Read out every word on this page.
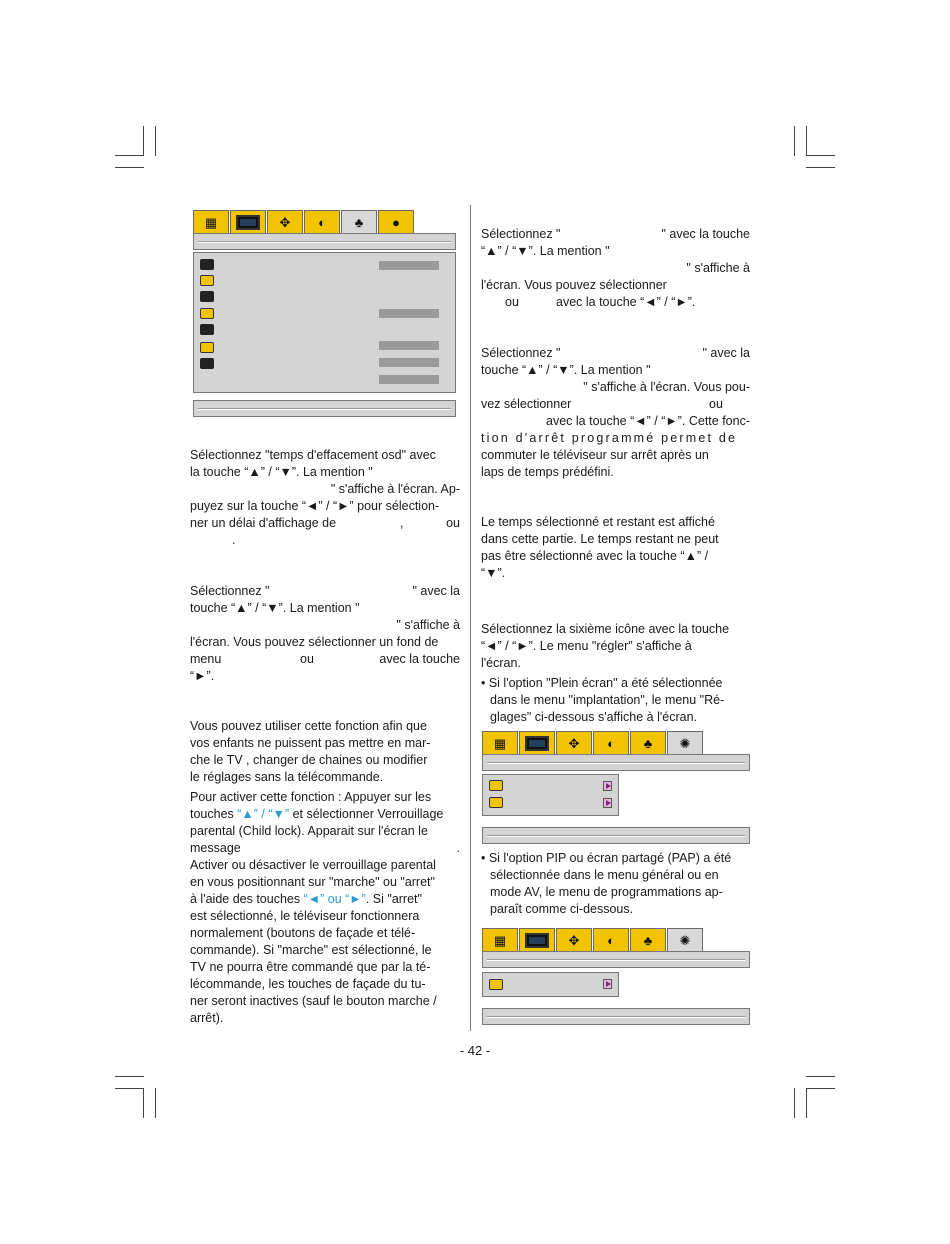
▦	✥ ◐ ♣ ●

Sélectionnez "temps d'effacement osd" avec

la touche “▲” / “▼”. La mention "

" s'affiche à l'écran. Ap-

puyez sur la touche “◄” / “►” pour sélection-

ner un délai d'affichage de	,	ou

.

Sélectionnez "	" avec la

touche “▲” / “▼”. La mention "

" s'affiche à

l'écran. Vous pouvez sélectionner un fond de

menu	ou	avec la touche

“►”.

Vous pouvez utiliser cette fonction afin que

vos enfants ne puissent pas mettre en mar-

che le TV , changer de chaines ou modifier

le réglages sans la télécommande.

Pour activer cette fonction : Appuyer sur les

touches “▲” / “▼” et sélectionner Verrouillage

parental (Child lock). Apparait sur l'écran le

message	.

Activer ou désactiver le verrouillage parental

en vous positionnant sur "marche" ou "arret"

à l'aide des touches “◄” ou “►”. Si "arret"

est sélectionné, le téléviseur fonctionnera

normalement (boutons de façade et télé-

commande). Si "marche" est sélectionné, le

TV ne pourra être commandé que par la té-

lécommande, les touches de façade du tu-

ner seront inactives (sauf le bouton marche /

arrêt).

Sélectionnez "	" avec la touche

“▲” / “▼”. La mention "

" s'affiche à

l'écran. Vous pouvez sélectionner

ou	avec la touche “◄” / “►”.

Sélectionnez "	" avec la

touche “▲” / “▼”. La mention "

" s'affiche à l'écran. Vous pou-

vez sélectionner	ou

avec la touche “◄” / “►”. Cette fonc-

tion d'arrêt programmé permet de

commuter le téléviseur sur arrêt après un

laps de temps prédéfini.

Le temps sélectionné et restant est affiché

dans cette partie. Le temps restant ne peut

pas être sélectionné avec la touche “▲” /

“▼”.

Sélectionnez la sixième icône avec la touche

“◄” / “►”. Le menu "régler" s'affiche à

l'écran.

• Si l'option "Plein écran" a été sélectionnée

dans le menu "implantation", le menu "Ré-

glages" ci-dessous s'affiche à l'écran.

▦	✥ ◐ ♣ ✺

• Si l'option PIP ou écran partagé (PAP) a été

sélectionnée dans le menu général ou en

mode AV, le menu de programmations ap-

paraît comme ci-dessous.

▦	✥ ◐ ♣ ✺
- 42 -
